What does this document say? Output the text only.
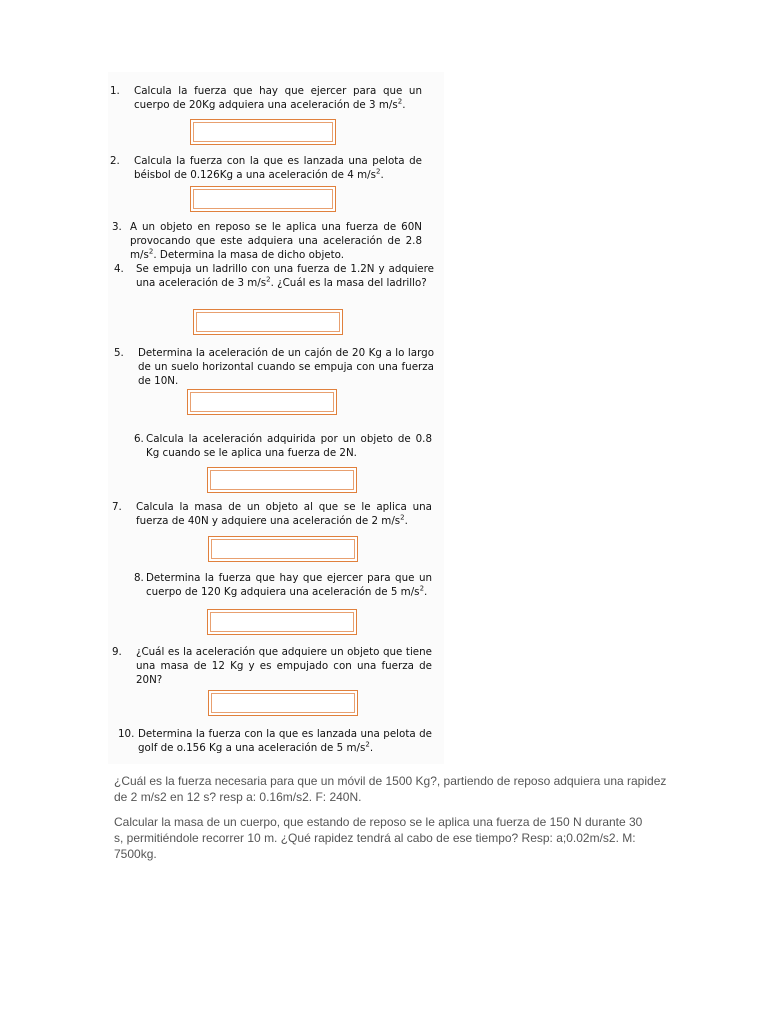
1.	Calcula la fuerza que hay que ejercer para que un cuerpo de 20Kg adquiera una aceleración de 3 $m/s^2$.
2.	Calcula la fuerza con la que es lanzada una pelota de béisbol de 0.126Kg a una aceleración de 4 $m/s^2$.
3. A un objeto en reposo se le aplica una fuerza de 60N provocando que este adquiera una aceleración de 2.8 $m/s^2$. Determina la masa de dicho objeto.
4.	Se empuja un ladrillo con una fuerza de 1.2N y adquiere una aceleración de 3 $m/s^2$. ¿Cuál es la masa del ladrillo?
5.	Determina la aceleración de un cajón de 20 Kg a lo largo de un suelo horizontal cuando se empuja con una fuerza de 10N.
6. Calcula la aceleración adquirida por un objeto de 0.8 Kg cuando se le aplica una fuerza de 2N.
7.	Calcula la masa de un objeto al que se le aplica una fuerza de 40N y adquiere una aceleración de 2 $m/s^2$.
8. Determina la fuerza que hay que ejercer para que un cuerpo de 120 Kg adquiera una aceleración de 5 $m/s^2$.
9.	¿Cuál es la aceleración que adquiere un objeto que tiene una masa de 12 Kg y es empujado con una fuerza de 20N?
10. Determina la fuerza con la que es lanzada una pelota de golf de o.156 Kg a una aceleración de 5 $m/s^2$.
¿Cuál es la fuerza necesaria para que un móvil de 1500 Kg?, partiendo de reposo adquiera una rapidez de 2 m/s2 en 12 s? resp a: 0.16m/s2. F: 240N.
Calcular la masa de un cuerpo, que estando de reposo se le aplica una fuerza de 150 N durante 30 s, permitiéndole recorrer 10 m. ¿Qué rapidez tendrá al cabo de ese tiempo? Resp: a;0.02m/s2. M: 7500kg.
